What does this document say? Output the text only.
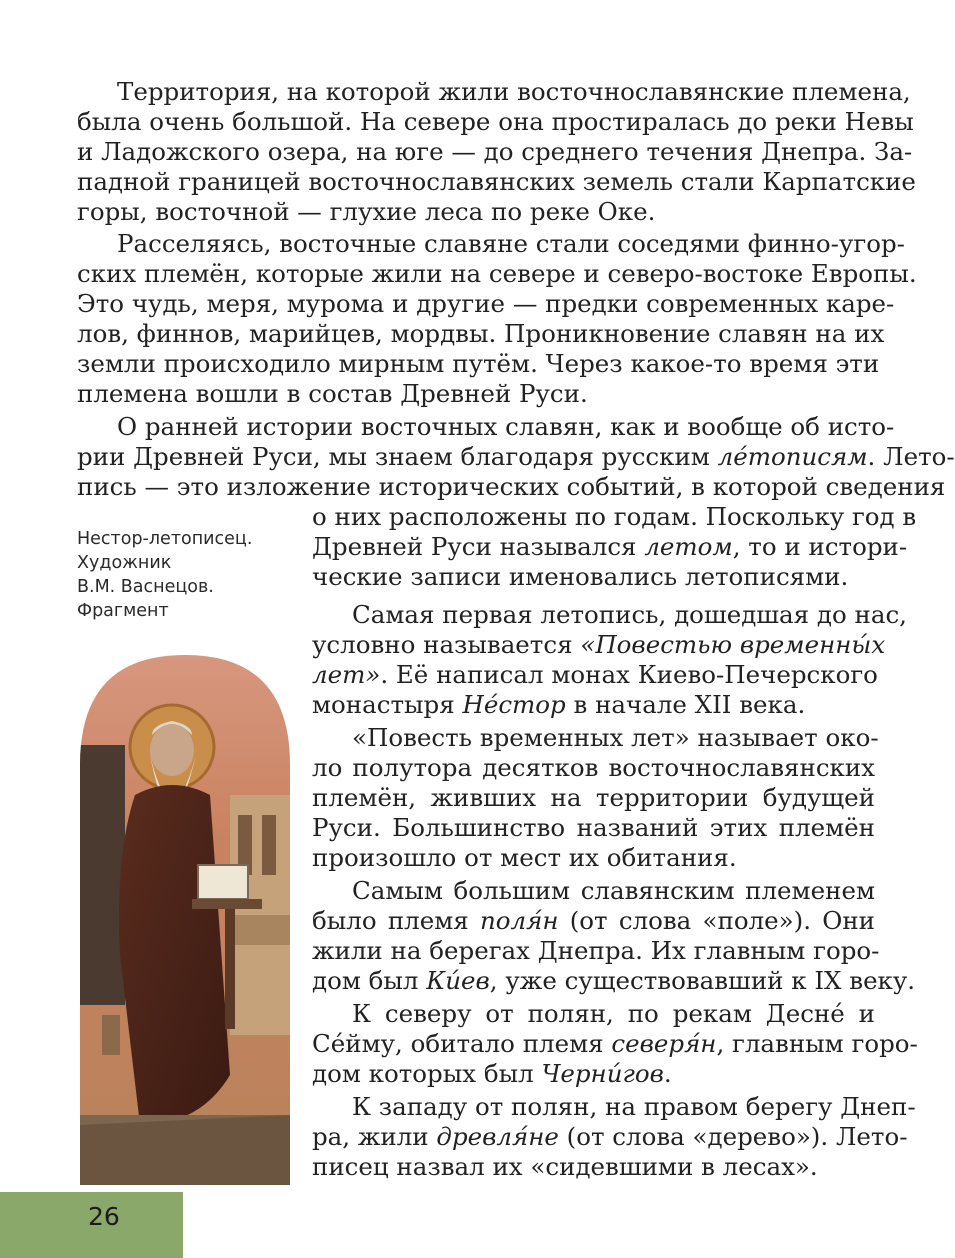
Территория, на которой жили восточнославянские племена,
была очень большой. На севере она простиралась до реки Невы
и Ладожского озера, на юге — до среднего течения Днепра. За-
падной границей восточнославянских земель стали Карпатские
горы, восточной — глухие леса по реке Оке.
Расселяясь, восточные славяне стали соседями финно-угор-
ских племён, которые жили на севере и северо-востоке Европы.
Это чудь, меря, мурома и другие — предки современных каре-
лов, финнов, марийцев, мордвы. Проникновение славян на их
земли происходило мирным путём. Через какое-то время эти
племена вошли в состав Древней Руси.
О ранней истории восточных славян, как и вообще об исто-
рии Древней Руси, мы знаем благодаря русским ле́тописям. Лето-
пись — это изложение исторических событий, в которой сведения
о них расположены по годам. Поскольку год в
Древней Руси назывался летом, то и истори-
ческие записи именовались летописями.
Нестор-летописец.
Художник
В.М. Васнецов.
Фрагмент	Самая первая летопись, дошедшая до нас,
условно называется «Повестью временны́х
лет». Её написал монах Киево-Печерского
монастыря Не́стор в начале XII века.
«Повесть временных лет» называет око-
ло полутора десятков восточнославянских
племён, живших на территории будущей
Руси. Большинство названий этих племён
произошло от мест их обитания.
Самым большим славянским племенем
было племя поля́н (от слова «поле»). Они
жили на берегах Днепра. Их главным горо-
дом был Ки́ев, уже существовавший к IX веку.
К северу от полян, по рекам Десне́ и
Се́йму, обитало племя северя́н, главным горо-
дом которых был Черни́гов.
К западу от полян, на правом берегу Днеп-
ра, жили древля́не (от слова «дерево»). Лето-
писец назвал их «сидевшими в лесах».
26
